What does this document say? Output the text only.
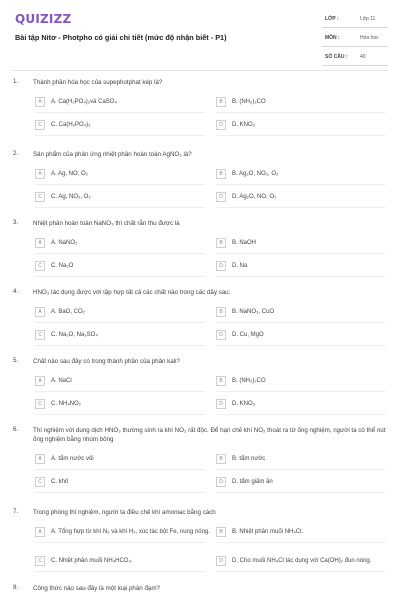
QUIZIZZ
Bài tập Nitơ - Photpho có giải chi tiết (mức độ nhận biết - P1)
LỚP :	Lớp 11
MÔN :	Hóa học
SỐ CÂU :	40
1. Thành phần hóa học của supephotphat kép là?
A	A. Ca(H₂PO₄)₂và CaSO₄	B	B. (NH₂)₂CO
C	C. Ca(H₂PO₄)₂	D	D. KNO₃
2. Sản phẩm của phản ứng nhiệt phân hoàn toàn AgNO₃ là?
A	A. Ag, NO, O₂	B	B. Ag₂O, NO₂, O₂
C	C. Ag, NO₂, O₂	D	D. Ag₂O, NO, O₂
3. Nhiệt phân hoàn toàn NaNO₃ thì chất rắn thu được là
A	A. NaNO₂	B	B. NaOH
C	C. Na₂O	D	D. Na
4. HNO₃ tác dụng được với tập hợp tất cả các chất nào trong các dãy sau:
A	A. BaO, CO₂	B	B. NaNO₃, CuO
C	C. Na₂O, Na₂SO₄	D	D. Cu, MgO
5. Chất nào sau đây có trong thành phần của phân kali?
A	A. NaCl	B	B. (NH₂)₂CO
C	C. NH₄NO₂	D	D. KNO₃
6. Thí nghiệm với dung dịch HNO₃ thường sinh ra khí NO₂ rất độc. Để hạn chế khí NO₂ thoát ra từ ống nghiệm, người ta có thể nút ống nghiệm bằng nhúm bông
A	A. tẩm nước vôi	B	B. tẩm nước
C	C. khô	D	D. tẩm giấm ăn
7. Trong phòng thí nghiệm, người ta điều chế khí amoniac bằng cách
A	A. Tổng hợp từ khí N₂ và khí H₂, xúc tác bột Fe, nung nóng.	B	B. Nhiệt phân muối NH₄Cl.
C	C. Nhiệt phân muối NH₄HCO₃.	D	D. Cho muối NH₄Cl tác dụng với Ca(OH)₂ đun nóng.
8. Công thức nào sau đây là một loại phân đạm?
